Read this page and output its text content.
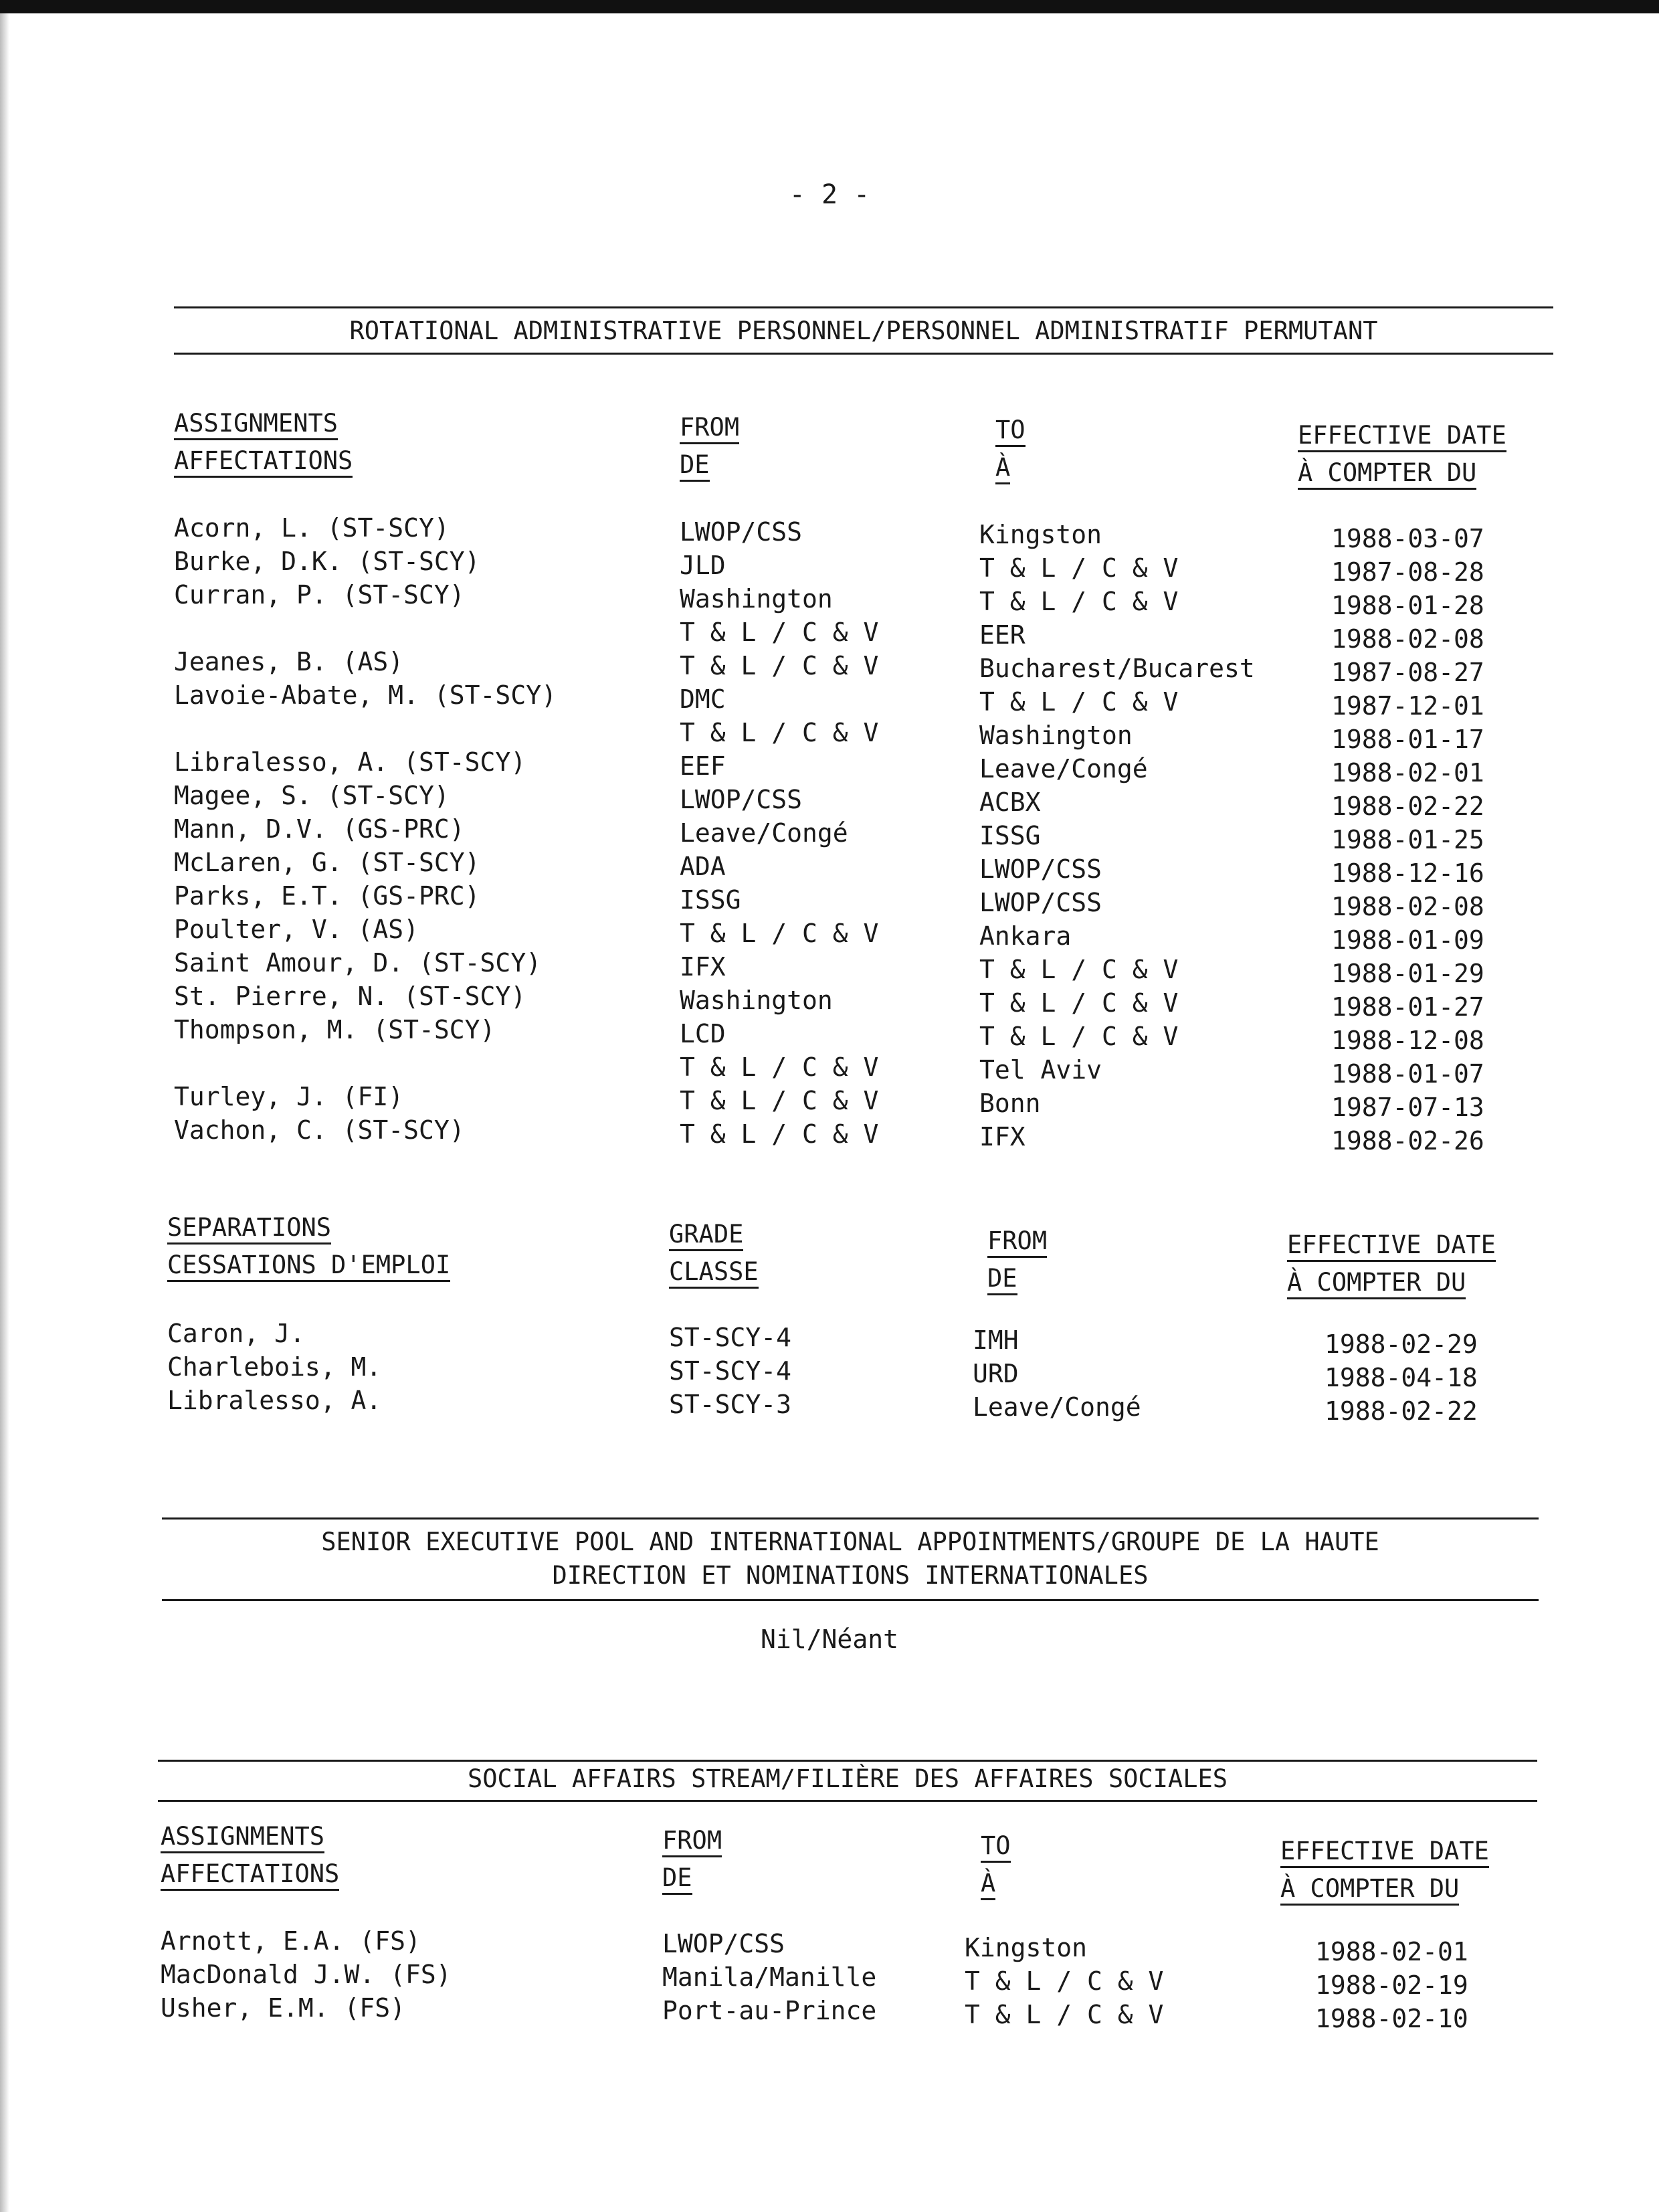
- 2 -
ROTATIONAL ADMINISTRATIVE PERSONNEL/PERSONNEL ADMINISTRATIF PERMUTANT
ASSIGNMENTS
AFFECTATIONS

FROM
DE

TO
À

EFFECTIVE DATE
À COMPTER DU

Acorn, L. (ST-SCY)
Burke, D.K. (ST-SCY)
Curran, P. (ST-SCY)
Jeanes, B. (AS)
Lavoie-Abate, M. (ST-SCY)
Libralesso, A. (ST-SCY)
Magee, S. (ST-SCY)
Mann, D.V. (GS-PRC)
McLaren, G. (ST-SCY)
Parks, E.T. (GS-PRC)
Poulter, V. (AS)
Saint Amour, D. (ST-SCY)
St. Pierre, N. (ST-SCY)
Thompson, M. (ST-SCY)
Turley, J. (FI)
Vachon, C. (ST-SCY)
LWOP/CSS
JLD
Washington
T & L / C & V
T & L / C & V
DMC
T & L / C & V
EEF
LWOP/CSS
Leave/Congé
ADA
ISSG
T & L / C & V
IFX
Washington
LCD
T & L / C & V
T & L / C & V
T & L / C & V
Kingston
T & L / C & V
T & L / C & V
EER
Bucharest/Bucarest
T & L / C & V
Washington
Leave/Congé
ACBX
ISSG
LWOP/CSS
LWOP/CSS
Ankara
T & L / C & V
T & L / C & V
T & L / C & V
Tel Aviv
Bonn
IFX
1988-03-07
1987-08-28
1988-01-28
1988-02-08
1987-08-27
1987-12-01
1988-01-17
1988-02-01
1988-02-22
1988-01-25
1988-12-16
1988-02-08
1988-01-09
1988-01-29
1988-01-27
1988-12-08
1988-01-07
1987-07-13
1988-02-26
SEPARATIONS
CESSATIONS D'EMPLOI

GRADE
CLASSE

FROM
DE

EFFECTIVE DATE
À COMPTER DU

Caron, J.
Charlebois, M.
Libralesso, A.
ST-SCY-4
ST-SCY-4
ST-SCY-3
IMH
URD
Leave/Congé
1988-02-29
1988-04-18
1988-02-22
SENIOR EXECUTIVE POOL AND INTERNATIONAL APPOINTMENTS/GROUPE DE LA HAUTE
DIRECTION ET NOMINATIONS INTERNATIONALES
Nil/Néant
SOCIAL AFFAIRS STREAM/FILIÈRE DES AFFAIRES SOCIALES
ASSIGNMENTS
AFFECTATIONS

FROM
DE

TO
À

EFFECTIVE DATE
À COMPTER DU

Arnott, E.A. (FS)
MacDonald J.W. (FS)
Usher, E.M. (FS)
LWOP/CSS
Manila/Manille
Port-au-Prince
Kingston
T & L / C & V
T & L / C & V
1988-02-01
1988-02-19
1988-02-10
